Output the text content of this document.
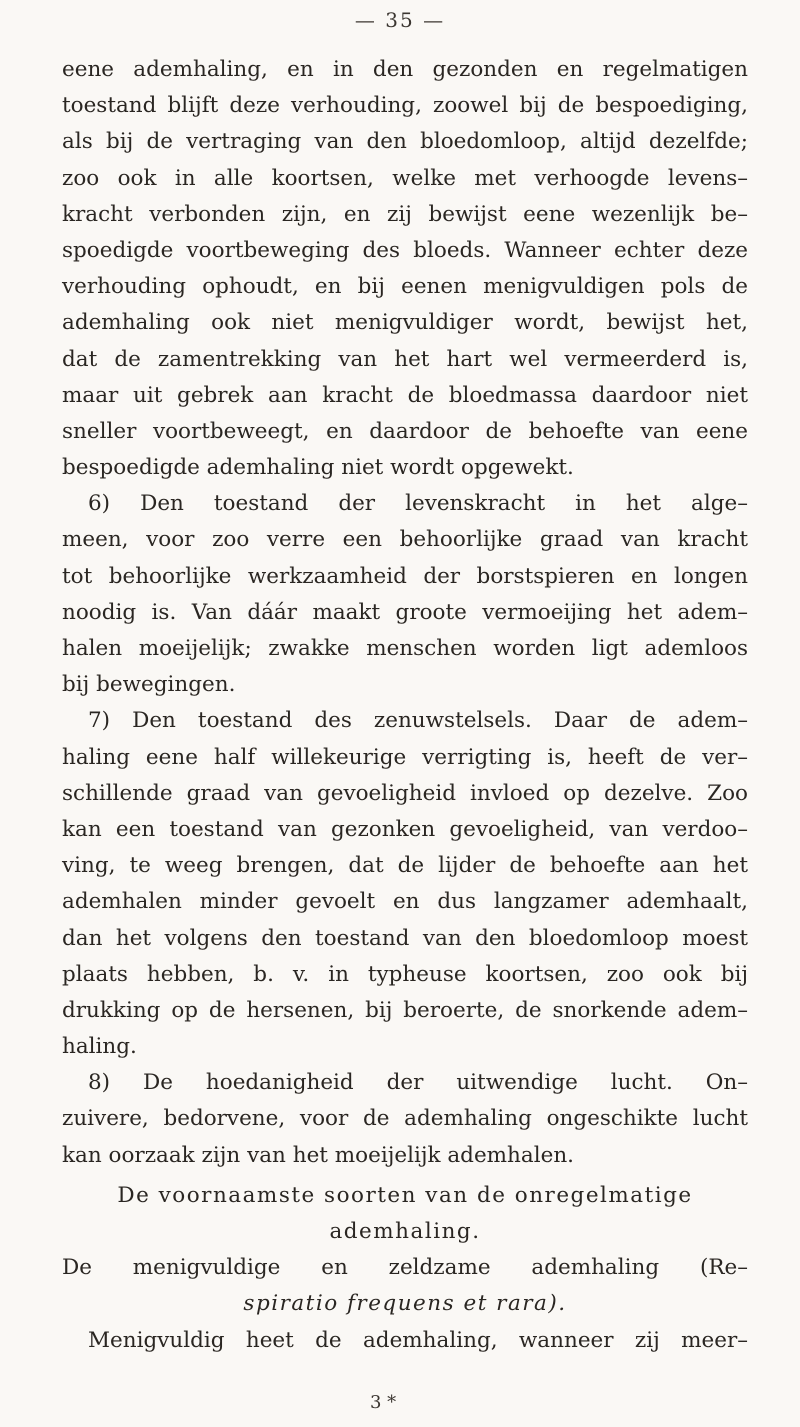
— 35 —
eene ademhaling, en in den gezonden en regelmatigen
toestand blijft deze verhouding, zoowel bij de bespoediging,
als bij de vertraging van den bloedomloop, altijd dezelfde;
zoo ook in alle koortsen, welke met verhoogde levens–
kracht verbonden zijn, en zij bewijst eene wezenlijk be–
spoedigde voortbeweging des bloeds. Wanneer echter deze
verhouding ophoudt, en bij eenen menigvuldigen pols de
ademhaling ook niet menigvuldiger wordt, bewijst het,
dat de zamentrekking van het hart wel vermeerderd is,
maar uit gebrek aan kracht de bloedmassa daardoor niet
sneller voortbeweegt, en daardoor de behoefte van eene
bespoedigde ademhaling niet wordt opgewekt.
6) Den toestand der levenskracht in het alge–
meen, voor zoo verre een behoorlijke graad van kracht
tot behoorlijke werkzaamheid der borstspieren en longen
noodig is. Van dáár maakt groote vermoeijing het adem–
halen moeijelijk; zwakke menschen worden ligt ademloos
bij bewegingen.
7) Den toestand des zenuwstelsels. Daar de adem–
haling eene half willekeurige verrigting is, heeft de ver–
schillende graad van gevoeligheid invloed op dezelve. Zoo
kan een toestand van gezonken gevoeligheid, van verdoo–
ving, te weeg brengen, dat de lijder de behoefte aan het
ademhalen minder gevoelt en dus langzamer ademhaalt,
dan het volgens den toestand van den bloedomloop moest
plaats hebben, b. v. in typheuse koortsen, zoo ook bij
drukking op de hersenen, bij beroerte, de snorkende adem–
haling.
8) De hoedanigheid der uitwendige lucht. On–
zuivere, bedorvene, voor de ademhaling ongeschikte lucht
kan oorzaak zijn van het moeijelijk ademhalen.
De voornaamste soorten van de onregelmatige
ademhaling.
De menigvuldige en zeldzame ademhaling (Re–
spiratio frequens et rara).
Menigvuldig heet de ademhaling, wanneer zij meer–
3 *
